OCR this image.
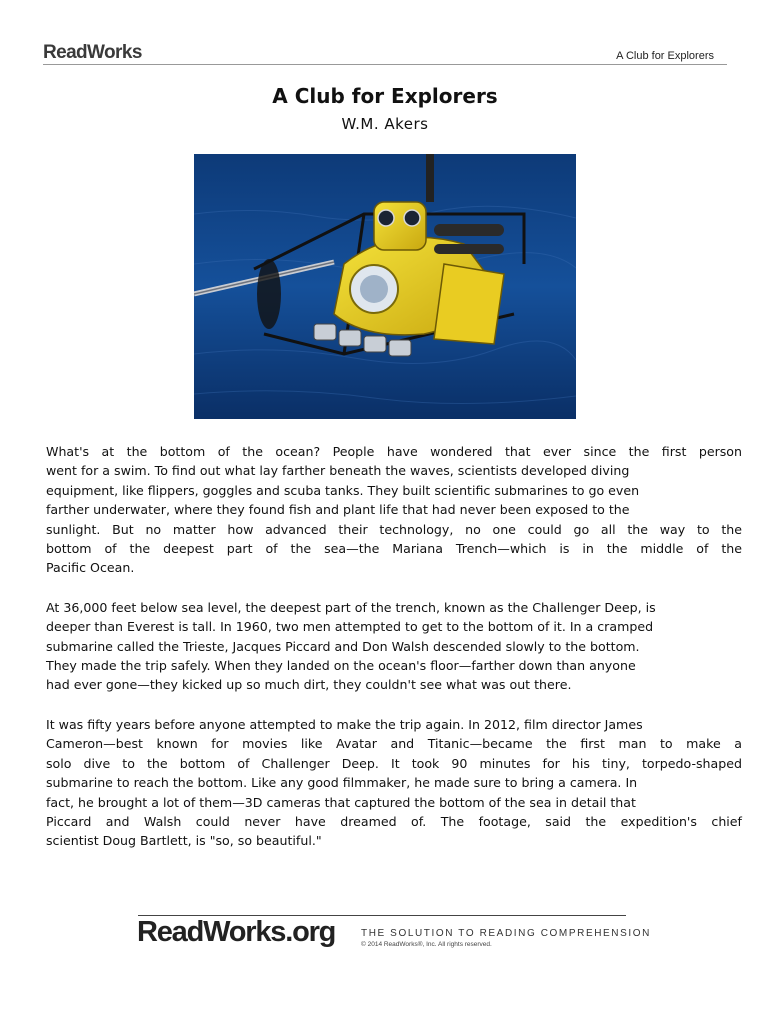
ReadWorks	A Club for Explorers
A Club for Explorers
W.M. Akers
What's at the bottom of the ocean? People have wondered that ever since the first person
went for a swim. To find out what lay farther beneath the waves, scientists developed diving
equipment, like flippers, goggles and scuba tanks. They built scientific submarines to go even
farther underwater, where they found fish and plant life that had never been exposed to the
sunlight. But no matter how advanced their technology, no one could go all the way to the
bottom of the deepest part of the sea—the Mariana Trench—which is in the middle of the
Pacific Ocean.
At 36,000 feet below sea level, the deepest part of the trench, known as the Challenger Deep, is
deeper than Everest is tall. In 1960, two men attempted to get to the bottom of it. In a cramped
submarine called the Trieste, Jacques Piccard and Don Walsh descended slowly to the bottom.
They made the trip safely. When they landed on the ocean's floor—farther down than anyone
had ever gone—they kicked up so much dirt, they couldn't see what was out there.
It was fifty years before anyone attempted to make the trip again. In 2012, film director James
Cameron—best known for movies like Avatar and Titanic—became the first man to make a
solo dive to the bottom of Challenger Deep. It took 90 minutes for his tiny, torpedo-shaped
submarine to reach the bottom. Like any good filmmaker, he made sure to bring a camera. In
fact, he brought a lot of them—3D cameras that captured the bottom of the sea in detail that
Piccard and Walsh could never have dreamed of. The footage, said the expedition's chief
scientist Doug Bartlett, is "so, so beautiful."
ReadWorks.org	THE SOLUTION TO READING COMPREHENSION
© 2014 ReadWorks®, Inc. All rights reserved.
